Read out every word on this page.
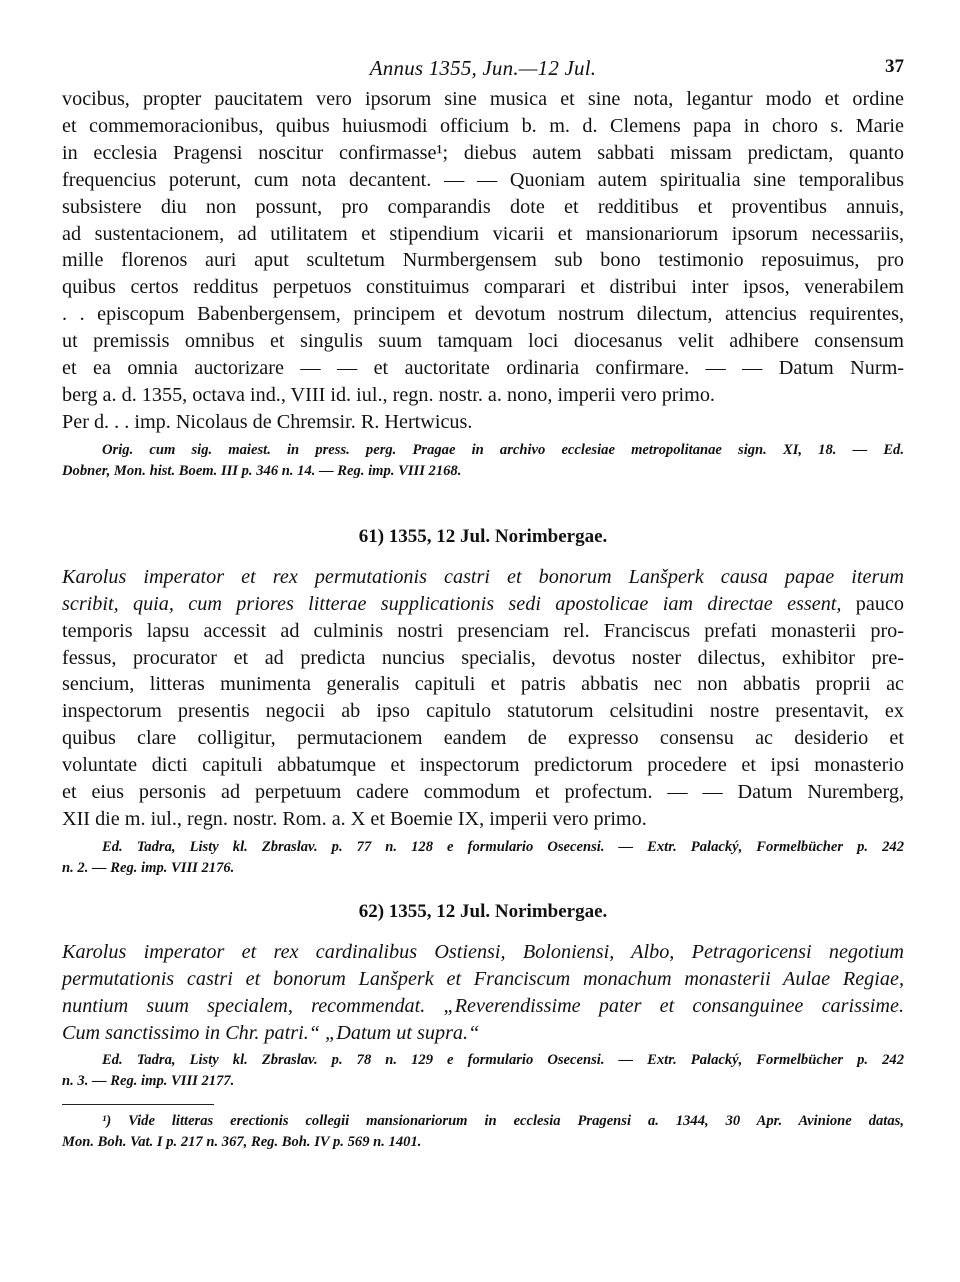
Annus 1355, Jun.—12 Jul.	37
vocibus, propter paucitatem vero ipsorum sine musica et sine nota, legantur modo et ordine
et commemoracionibus, quibus huiusmodi officium b. m. d. Clemens papa in choro s. Marie
in ecclesia Pragensi noscitur confirmasse¹; diebus autem sabbati missam predictam, quanto
frequencius poterunt, cum nota decantent. — — Quoniam autem spiritualia sine temporalibus
subsistere diu non possunt, pro comparandis dote et redditibus et proventibus annuis,
ad sustentacionem, ad utilitatem et stipendium vicarii et mansionariorum ipsorum necessariis,
mille florenos auri aput scultetum Nurmbergensem sub bono testimonio reposuimus, pro
quibus certos redditus perpetuos constituimus comparari et distribui inter ipsos, venerabilem
. . episcopum Babenbergensem, principem et devotum nostrum dilectum, attencius requirentes,
ut premissis omnibus et singulis suum tamquam loci diocesanus velit adhibere consensum
et ea omnia auctorizare — — et auctoritate ordinaria confirmare. — — Datum Nurm-
berg a. d. 1355, octava ind., VIII id. iul., regn. nostr. a. nono, imperii vero primo.
Per d. . . imp. Nicolaus de Chremsir. R. Hertwicus.
Orig. cum sig. maiest. in press. perg. Pragae in archivo ecclesiae metropolitanae sign. XI, 18. — Ed.
Dobner, Mon. hist. Boem. III p. 346 n. 14. — Reg. imp. VIII 2168.
61) 1355, 12 Jul. Norimbergae.
Karolus imperator et rex permutationis castri et bonorum Lanšperk causa papae iterum
scribit, quia, cum priores litterae supplicationis sedi apostolicae iam directae essent, pauco
temporis lapsu accessit ad culminis nostri presenciam rel. Franciscus prefati monasterii pro-
fessus, procurator et ad predicta nuncius specialis, devotus noster dilectus, exhibitor pre-
sencium, litteras munimenta generalis capituli et patris abbatis nec non abbatis proprii ac
inspectorum presentis negocii ab ipso capitulo statutorum celsitudini nostre presentavit, ex
quibus clare colligitur, permutacionem eandem de expresso consensu ac desiderio et
voluntate dicti capituli abbatumque et inspectorum predictorum procedere et ipsi monasterio
et eius personis ad perpetuum cadere commodum et profectum. — — Datum Nuremberg,
XII die m. iul., regn. nostr. Rom. a. X et Boemie IX, imperii vero primo.
Ed. Tadra, Listy kl. Zbraslav. p. 77 n. 128 e formulario Osecensi. — Extr. Palacký, Formelbücher p. 242
n. 2. — Reg. imp. VIII 2176.
62) 1355, 12 Jul. Norimbergae.
Karolus imperator et rex cardinalibus Ostiensi, Boloniensi, Albo, Petragoricensi negotium
permutationis castri et bonorum Lanšperk et Franciscum monachum monasterii Aulae Regiae,
nuntium suum specialem, recommendat. „Reverendissime pater et consanguinee carissime.
Cum sanctissimo in Chr. patri.“ „Datum ut supra.“
Ed. Tadra, Listy kl. Zbraslav. p. 78 n. 129 e formulario Osecensi. — Extr. Palacký, Formelbücher p. 242
n. 3. — Reg. imp. VIII 2177.
¹) Vide litteras erectionis collegii mansionariorum in ecclesia Pragensi a. 1344, 30 Apr. Avinione datas,
Mon. Boh. Vat. I p. 217 n. 367, Reg. Boh. IV p. 569 n. 1401.
